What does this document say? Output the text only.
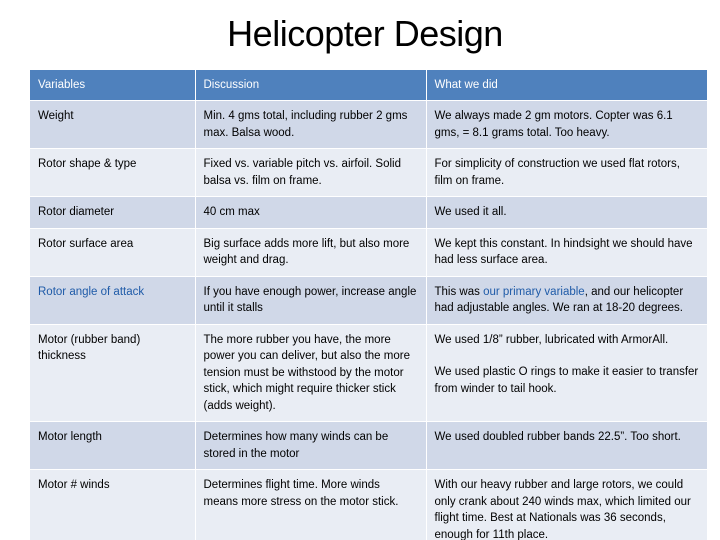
Helicopter Design
Variables	Discussion	What we did
Weight	Min. 4 gms total, including rubber 2 gms max. Balsa wood.	We always made 2 gm motors. Copter was 6.1 gms, = 8.1 grams total. Too heavy.
Rotor shape & type	Fixed vs. variable pitch vs. airfoil. Solid balsa vs. film on frame.	For simplicity of construction we used flat rotors, film on frame.
Rotor diameter	40 cm max	We used it all.
Rotor surface area	Big surface adds more lift, but also more weight and drag.	We kept this constant. In hindsight we should have had less surface area.
Rotor angle of attack	If you have enough power, increase angle until it stalls	This was our primary variable, and our helicopter had adjustable angles. We ran at 18-20 degrees.
Motor (rubber band) thickness	The more rubber you have, the more power you can deliver, but also the more tension must be withstood by the motor stick, which might require thicker stick (adds weight).	We used 1/8” rubber, lubricated with ArmorAll.
We used plastic O rings to make it easier to transfer from winder to tail hook.
Motor length	Determines how many winds can be stored in the motor	We used doubled rubber bands 22.5”. Too short.
Motor # winds	Determines flight time. More winds means more stress on the motor stick.	With our heavy rubber and large rotors, we could only crank about 240 winds max, which limited our flight time. Best at Nationals was 36 seconds, enough for 11th place.
